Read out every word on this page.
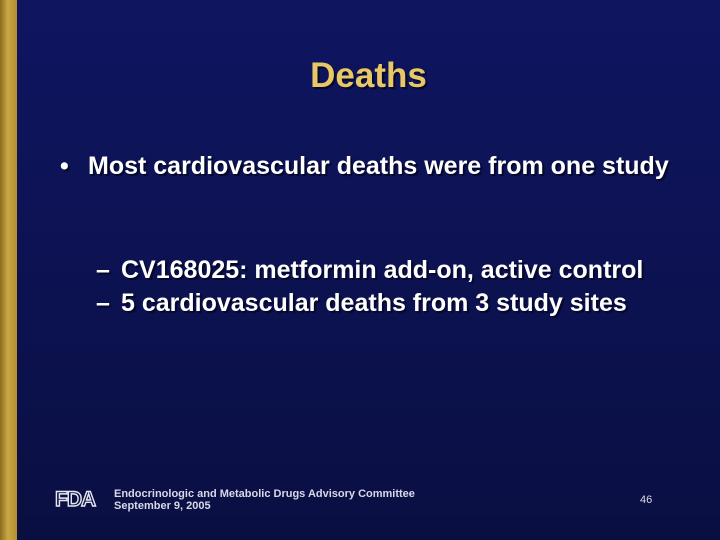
Deaths
• Most cardiovascular deaths were from one study
– CV168025: metformin add-on, active control
– 5 cardiovascular deaths from 3 study sites
FDA Endocrinologic and Metabolic Drugs Advisory Committee
September 9, 2005	46
